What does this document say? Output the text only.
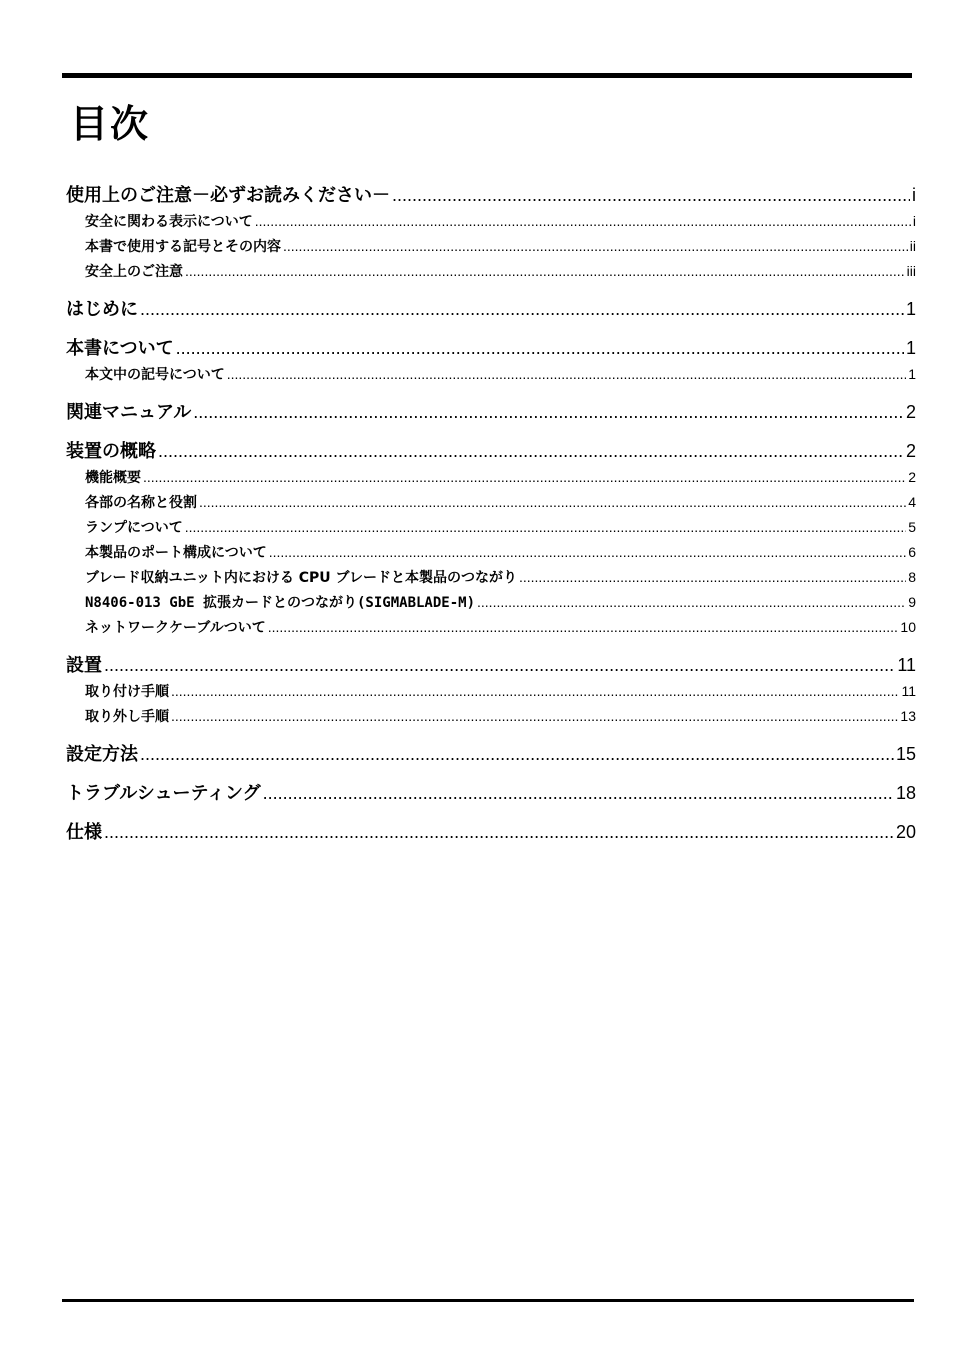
目次
使用上のご注意－必ずお読みください－ .....	i
安全に関わる表示について .....	i
本書で使用する記号とその内容 .....	ii
安全上のご注意 .....	iii
はじめに .....	1
本書について .....	1
本文中の記号について .....	1
関連マニュアル .....	2
装置の概略 .....	2
機能概要 .....	2
各部の名称と役割 .....	4
ランプについて .....	5
本製品のポート構成について .....	6
ブレード収納ユニット内における CPU ブレードと本製品のつながり .....	8
N8406-013 GbE 拡張カードとのつながり(SIGMABLADE-M) .....	9
ネットワークケーブルついて .....	10
設置 .....	11
取り付け手順 .....	11
取り外し手順 .....	13
設定方法 .....	15
トラブルシューティング .....	18
仕様 .....	20
